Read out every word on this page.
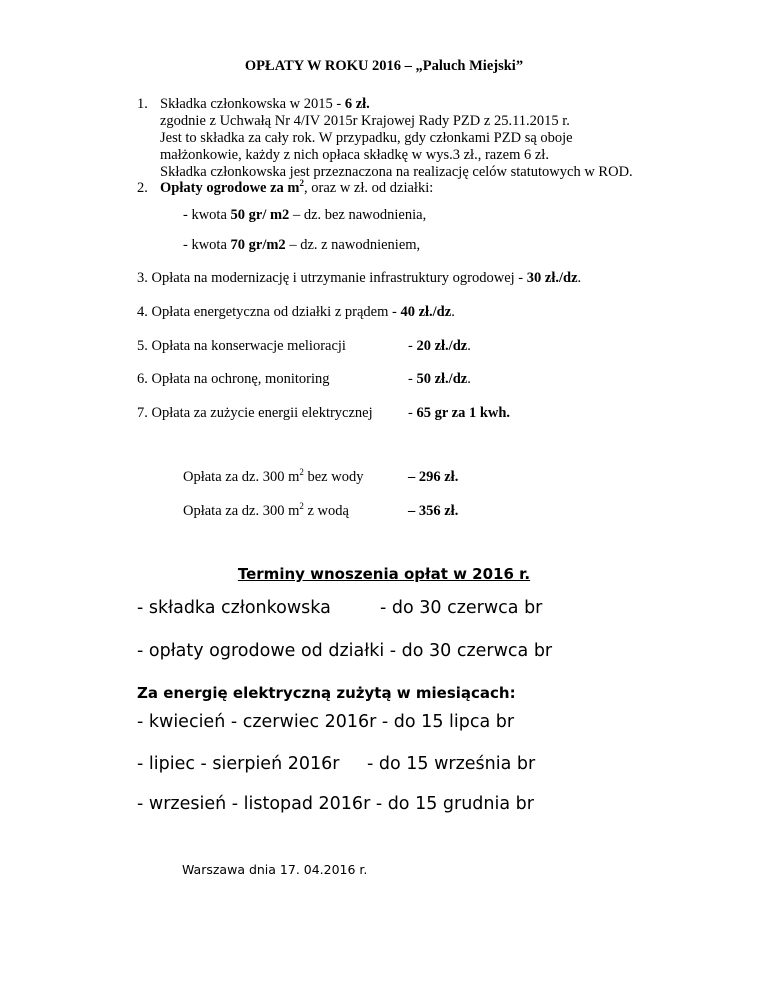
OPŁATY W ROKU 2016 – „Paluch Miejski”
1. Składka członkowska w 2015 - 6 zł.
zgodnie z Uchwałą Nr 4/IV 2015r Krajowej Rady PZD z 25.11.2015 r.
Jest to składka za cały rok. W przypadku, gdy członkami PZD są oboje
małżonkowie, każdy z nich opłaca składkę w wys.3 zł., razem 6 zł.
Składka członkowska jest przeznaczona na realizację celów statutowych w ROD.
2. Opłaty ogrodowe za $m^2$, oraz w zł. od działki:
- kwota 50 gr/ m2 – dz. bez nawodnienia,
- kwota 70 gr/m2 – dz. z nawodnieniem,
3. Opłata na modernizację i utrzymanie infrastruktury ogrodowej - 30 zł./dz.
4. Opłata energetyczna od działki z prądem - 40 zł./dz.
5. Opłata na konserwacje melioracji	- 20 zł./dz.
6. Opłata na ochronę, monitoring	- 50 zł./dz.
7. Opłata za zużycie energii elektrycznej - 65 gr za 1 kwh.
Opłata za dz. 300 $m^2$ bez wody	– 296 zł.
Opłata za dz. 300 $m^2$ z wodą	– 356 zł.
Terminy wnoszenia opłat w 2016 r.
- składka członkowska	- do 30 czerwca br
- opłaty ogrodowe od działki - do 30 czerwca br
Za energię elektryczną zużytą w miesiącach:
- kwiecień - czerwiec 2016r - do 15 lipca br
- lipiec - sierpień 2016r - do 15 września br
- wrzesień - listopad 2016r - do 15 grudnia br
Warszawa dnia 17. 04.2016 r.
